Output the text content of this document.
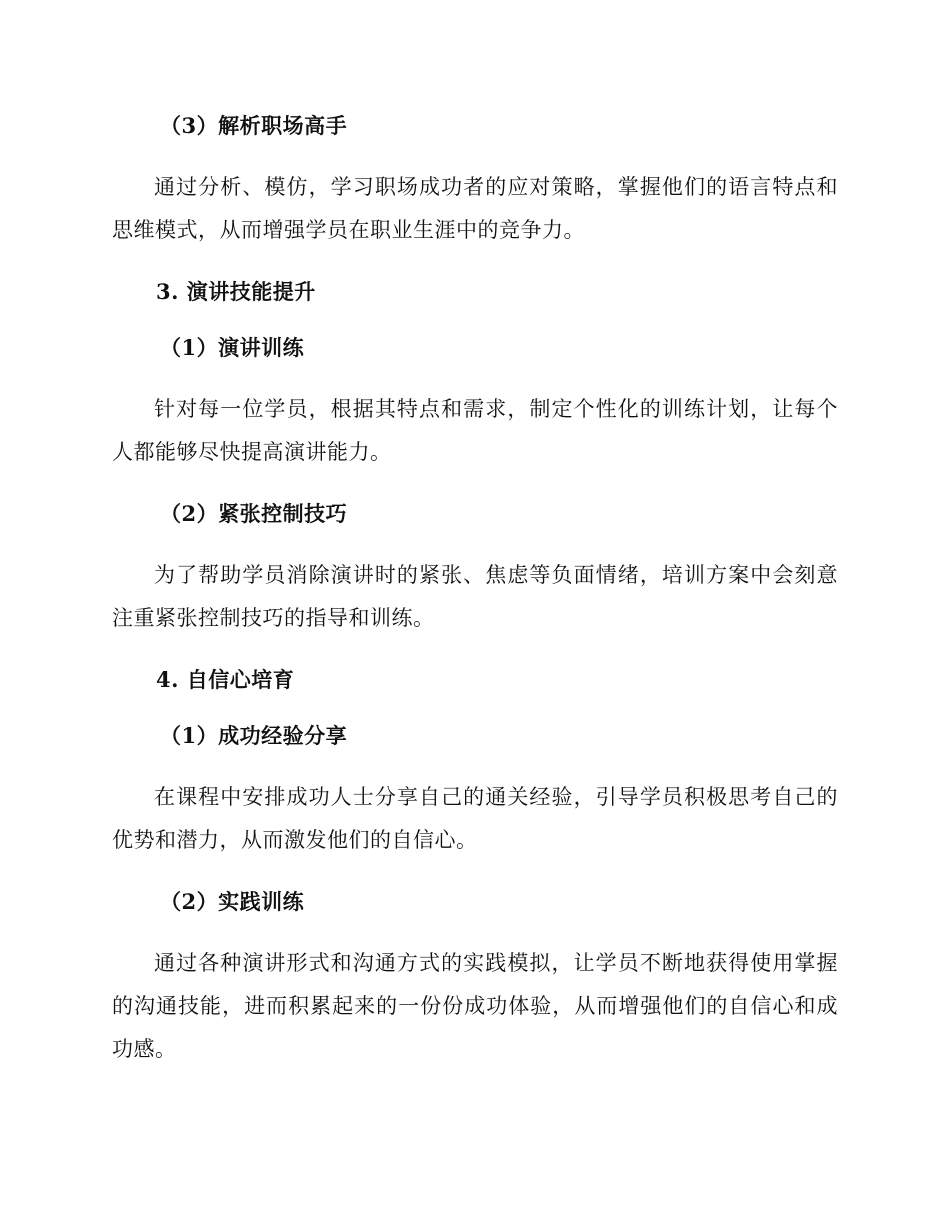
（3）解析职场高手

通过分析、模仿，学习职场成功者的应对策略，掌握他们的语言特点和思维模式，从而增强学员在职业生涯中的竞争力。

3. 演讲技能提升
（1）演讲训练

针对每一位学员，根据其特点和需求，制定个性化的训练计划，让每个人都能够尽快提高演讲能力。

（2）紧张控制技巧

为了帮助学员消除演讲时的紧张、焦虑等负面情绪，培训方案中会刻意注重紧张控制技巧的指导和训练。

4. 自信心培育
（1）成功经验分享

在课程中安排成功人士分享自己的通关经验，引导学员积极思考自己的优势和潜力，从而激发他们的自信心。

（2）实践训练

通过各种演讲形式和沟通方式的实践模拟，让学员不断地获得使用掌握的沟通技能，进而积累起来的一份份成功体验，从而增强他们的自信心和成功感。
